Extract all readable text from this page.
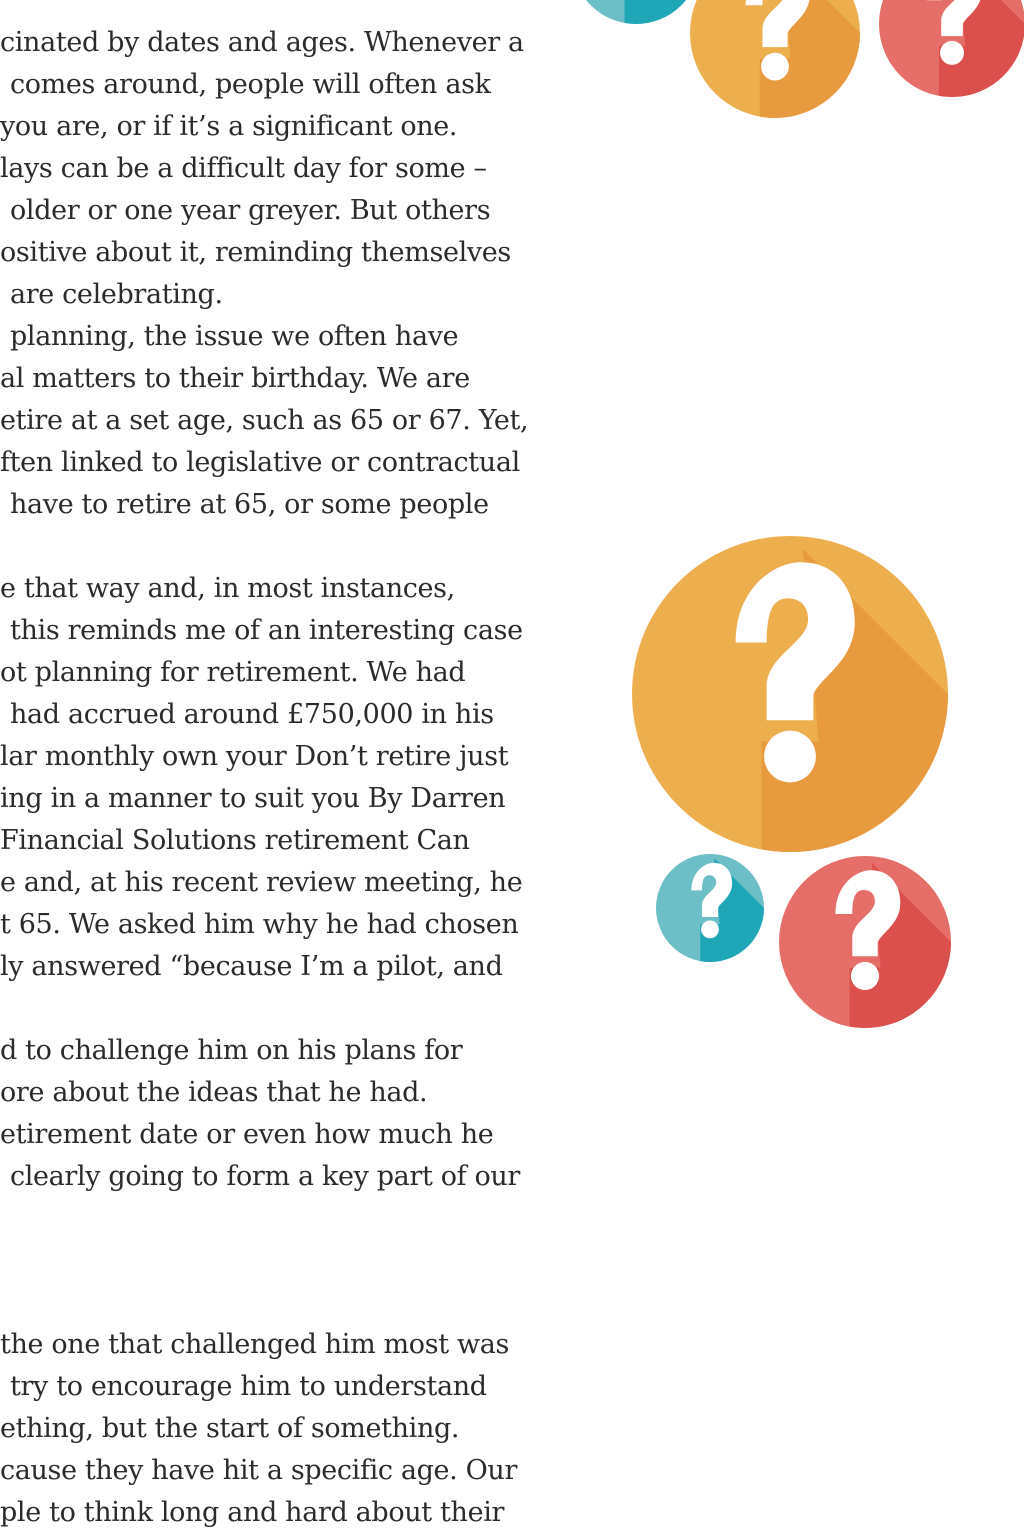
cinated by dates and ages. Whenever a
comes around, people will often ask
you are, or if it’s a significant one.
lays can be a difficult day for some –
older or one year greyer. But others
ositive about it, reminding themselves
are celebrating.
planning, the issue we often have
al matters to their birthday. We are
etire at a set age, such as 65 or 67. Yet,
ften linked to legislative or contractual
have to retire at 65, or some people
e that way and, in most instances,
this reminds me of an interesting case
ot planning for retirement. We had
had accrued around £750,000 in his
lar monthly own your Don’t retire just
ing in a manner to suit you By Darren
Financial Solutions retirement Can
e and, at his recent review meeting, he
t 65. We asked him why he had chosen
ly answered “because I’m a pilot, and
d to challenge him on his plans for
ore about the ideas that he had.
etirement date or even how much he
clearly going to form a key part of our
the one that challenged him most was
try to encourage him to understand
ething, but the start of something.
cause they have hit a specific age. Our
ple to think long and hard about their
